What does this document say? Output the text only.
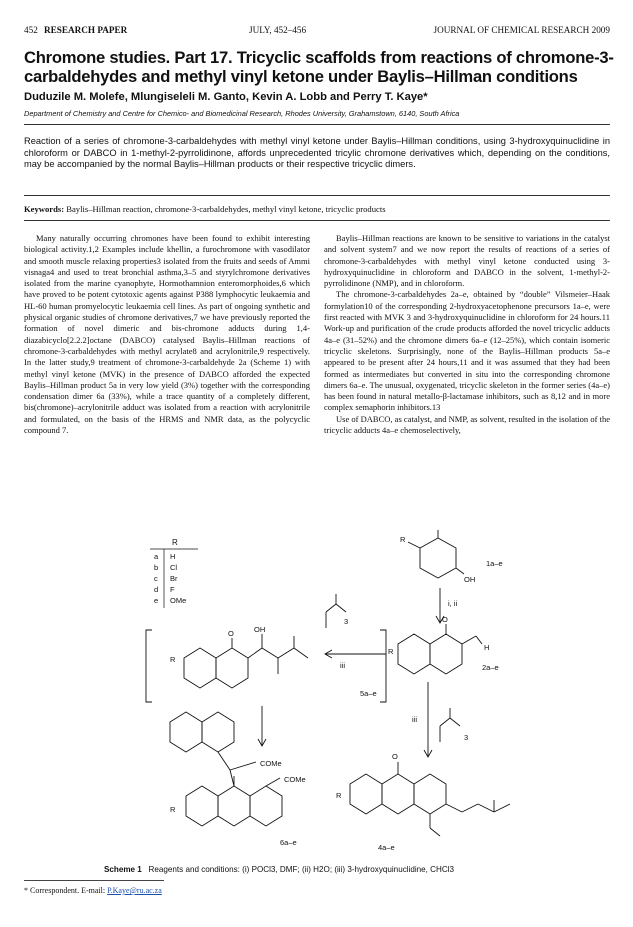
452 RESEARCH PAPER	JULY, 452–456	JOURNAL OF CHEMICAL RESEARCH 2009
Chromone studies. Part 17. Tricyclic scaffolds from reactions of chromone-3-carbaldehydes and methyl vinyl ketone under Baylis–Hillman conditions
Duduzile M. Molefe, Mlungiseleli M. Ganto, Kevin A. Lobb and Perry T. Kaye*
Department of Chemistry and Centre for Chemico- and Biomedicinal Research, Rhodes University, Grahamstown, 6140, South Africa
Reaction of a series of chromone-3-carbaldehydes with methyl vinyl ketone under Baylis–Hillman conditions, using 3-hydroxyquinuclidine in chloroform or DABCO in 1-methyl-2-pyrrolidinone, affords unprecedented tricylic chromone derivatives which, depending on the conditions, may be accompanied by the normal Baylis–Hillman products or their respective tricyclic dimers.
Keywords: Baylis–Hillman reaction, chromone-3-carbaldehydes, methyl vinyl ketone, tricyclic products

Many naturally occurring chromones have been found to exhibit interesting biological activity.1,2 Examples include khellin, a furochromone with vasodilator and smooth muscle relaxing properties3 isolated from the fruits and seeds of Ammi visnaga4 and used to treat bronchial asthma,3–5 and styrylchromone derivatives isolated from the marine cyanophyte, Hormothamnion enteromorphoides,6 which have proved to be potent cytotoxic agents against P388 lymphocytic leukaemia and HL-60 human promyelocytic leukaemia cell lines. As part of ongoing synthetic and physical organic studies of chromone derivatives,7 we have previously reported the formation of novel dimeric and bis-chromone adducts during 1,4-diazabicyclo[2.2.2]octane (DABCO) catalysed Baylis–Hillman reactions of chromone-3-carbaldehydes with methyl acrylate8 and acrylonitrile,9 respectively. In the latter study,9 treatment of chromone-3-carbaldehyde 2a (Scheme 1) with methyl vinyl ketone (MVK) in the presence of DABCO afforded the expected Baylis–Hillman product 5a in very low yield (3%) together with the corresponding condensation dimer 6a (33%), while a trace quantity of a completely different, bis(chromone)–acrylonitrile adduct was isolated from a reaction with acrylonitrile and formulated, on the basis of the HRMS and NMR data, as the polycyclic compound 7.

Baylis–Hillman reactions are known to be sensitive to variations in the catalyst and solvent system7 and we now report the results of reactions of a series of chromone-3-carbaldehydes with methyl vinyl ketone conducted using 3-hydroxyquinuclidine in chloroform and DABCO in the solvent, 1-methyl-2-pyrrolidinone (NMP), and in chloroform.

The chromone-3-carbaldehydes 2a–e, obtained by “double” Vilsmeier–Haak formylation10 of the corresponding 2-hydroxyacetophenone precursors 1a–e, were first reacted with MVK 3 and 3-hydroxyquinuclidine in chloroform for 24 hours.11 Work-up and purification of the crude products afforded the novel tricyclic adducts 4a–e (31–52%) and the chromone dimers 6a–e (12–25%), which contain isomeric tricyclic skeletons. Surprisingly, none of the Baylis–Hillman products 5a–e appeared to be present after 24 hours,11 and it was assumed that they had been formed as intermediates but converted in situ into the corresponding chromone dimers 6a–e. The unusual, oxygenated, tricyclic skeleton in the former series (4a–e) has been found in natural metallo-β-lactamase inhibitors, such as 8,12 and in more complex semaphorin inhibitors.13

Use of DABCO, as catalyst, and NMP, as solvent, resulted in the isolation of the tricyclic adducts 4a–e chemoselectively,

R
a
b
c
d
e
H
Cl
Br
F
OMe
R
OH
1a–e
i, ii
R
O
H
2a–e
3
iii
R
OH
O
5a–e
iii
3
COMe
COMe
R
6a–e
R
O
4a–e
Scheme 1 Reagents and conditions: (i) POCl3, DMF; (ii) H2O; (iii) 3-hydroxyquinuclidine, CHCl3
* Correspondent. E-mail: P.Kaye@ru.ac.za
